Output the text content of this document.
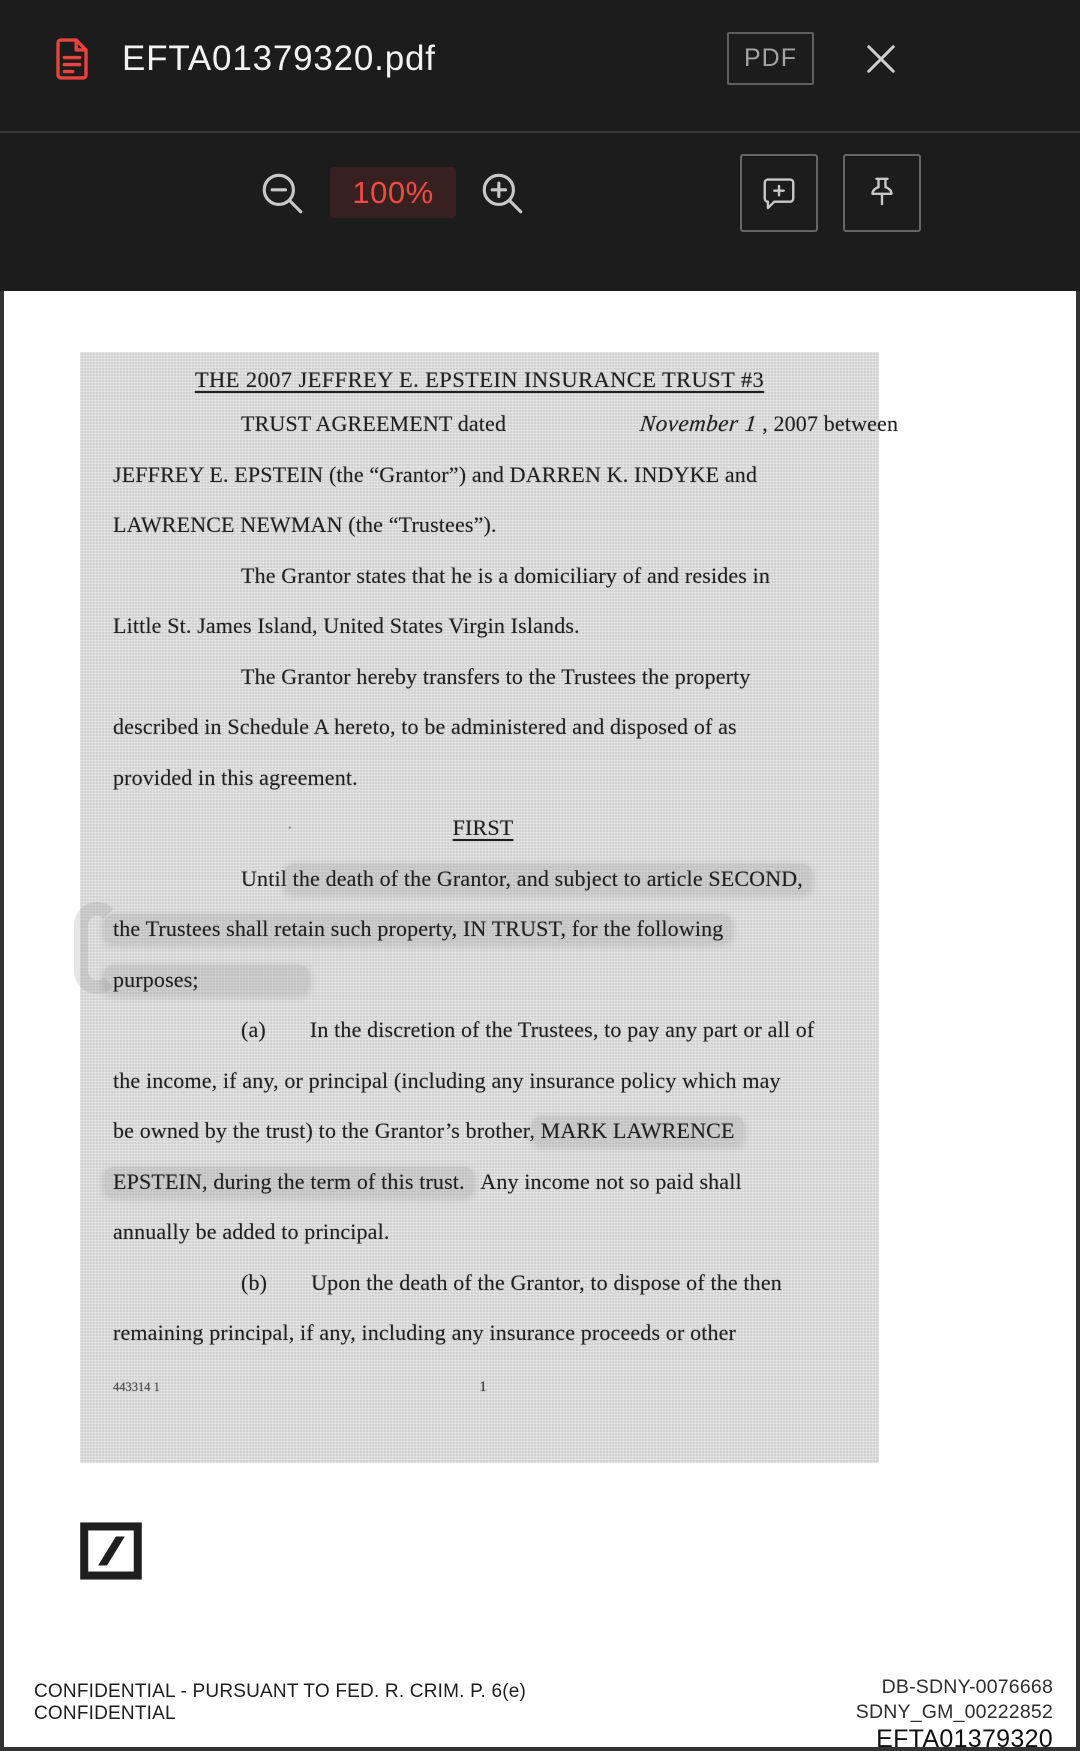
EFTA01379320.pdf	PDF
100%
THE 2007 JEFFREY E. EPSTEIN INSURANCE TRUST #3
TRUST AGREEMENT dated	November 1 , 2007 between
JEFFREY E. EPSTEIN (the “Grantor”) and DARREN K. INDYKE and
LAWRENCE NEWMAN (the “Trustees”).
The Grantor states that he is a domiciliary of and resides in
Little St. James Island, United States Virgin Islands.
The Grantor hereby transfers to the Trustees the property
described in Schedule A hereto, to be administered and disposed of as
provided in this agreement.
·	FIRST
Until the death of the Grantor, and subject to article SECOND,
the Trustees shall retain such property, IN TRUST, for the following
purposes;
(a) In the discretion of the Trustees, to pay any part or all of
the income, if any, or principal (including any insurance policy which may
be owned by the trust) to the Grantor’s brother, MARK LAWRENCE
EPSTEIN, during the term of this trust.  Any income not so paid shall
annually be added to principal.
(b) Upon the death of the Grantor, to dispose of the then
remaining principal, if any, including any insurance proceeds or other
443314 1	1
CONFIDENTIAL - PURSUANT TO FED. R. CRIM. P. 6(e)
CONFIDENTIAL
DB-SDNY-0076668
SDNY_GM_00222852
EFTA01379320
